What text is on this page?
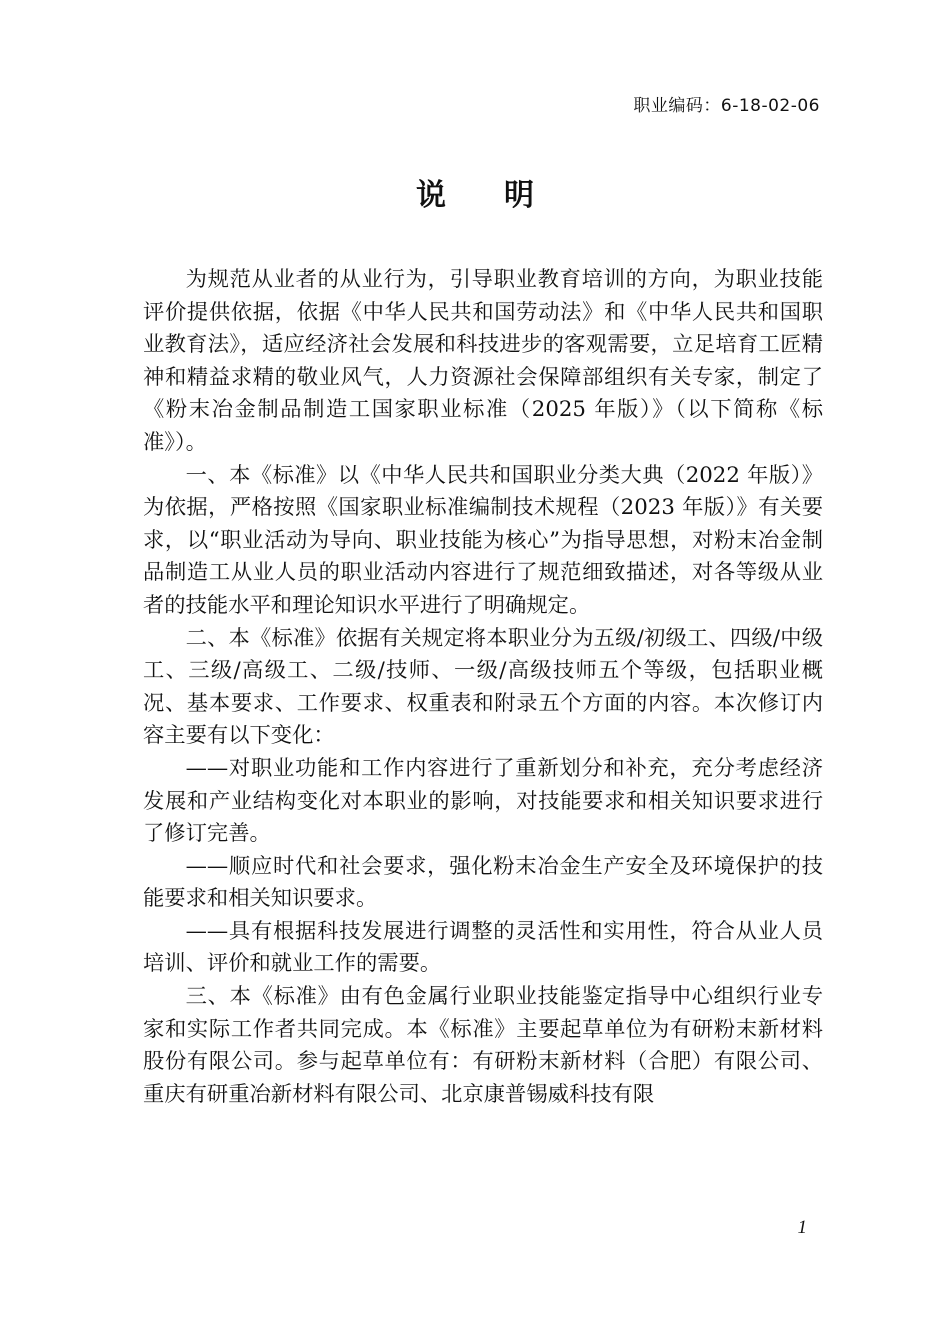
职业编码：6-18-02-06
说明

为规范从业者的从业行为，引导职业教育培训的方向，为职业技能评价提供依据，依据《中华人民共和国劳动法》和《中华人民共和国职业教育法》，适应经济社会发展和科技进步的客观需要，立足培育工匠精神和精益求精的敬业风气，人力资源社会保障部组织有关专家，制定了《粉末冶金制品制造工国家职业标准（2025 年版）》（以下简称《标准》）。

一、本《标准》以《中华人民共和国职业分类大典（2022 年版）》为依据，严格按照《国家职业标准编制技术规程（2023 年版）》有关要求，以“职业活动为导向、职业技能为核心”为指导思想，对粉末冶金制品制造工从业人员的职业活动内容进行了规范细致描述，对各等级从业者的技能水平和理论知识水平进行了明确规定。

二、本《标准》依据有关规定将本职业分为五级/初级工、四级/中级工、三级/高级工、二级/技师、一级/高级技师五个等级，包括职业概况、基本要求、工作要求、权重表和附录五个方面的内容。本次修订内容主要有以下变化：

——对职业功能和工作内容进行了重新划分和补充，充分考虑经济发展和产业结构变化对本职业的影响，对技能要求和相关知识要求进行了修订完善。

——顺应时代和社会要求，强化粉末冶金生产安全及环境保护的技能要求和相关知识要求。

——具有根据科技发展进行调整的灵活性和实用性，符合从业人员培训、评价和就业工作的需要。

三、本《标准》由有色金属行业职业技能鉴定指导中心组织行业专家和实际工作者共同完成。本《标准》主要起草单位为有研粉末新材料股份有限公司。参与起草单位有：有研粉末新材料（合肥）有限公司、重庆有研重冶新材料有限公司、北京康普锡威科技有限

1
